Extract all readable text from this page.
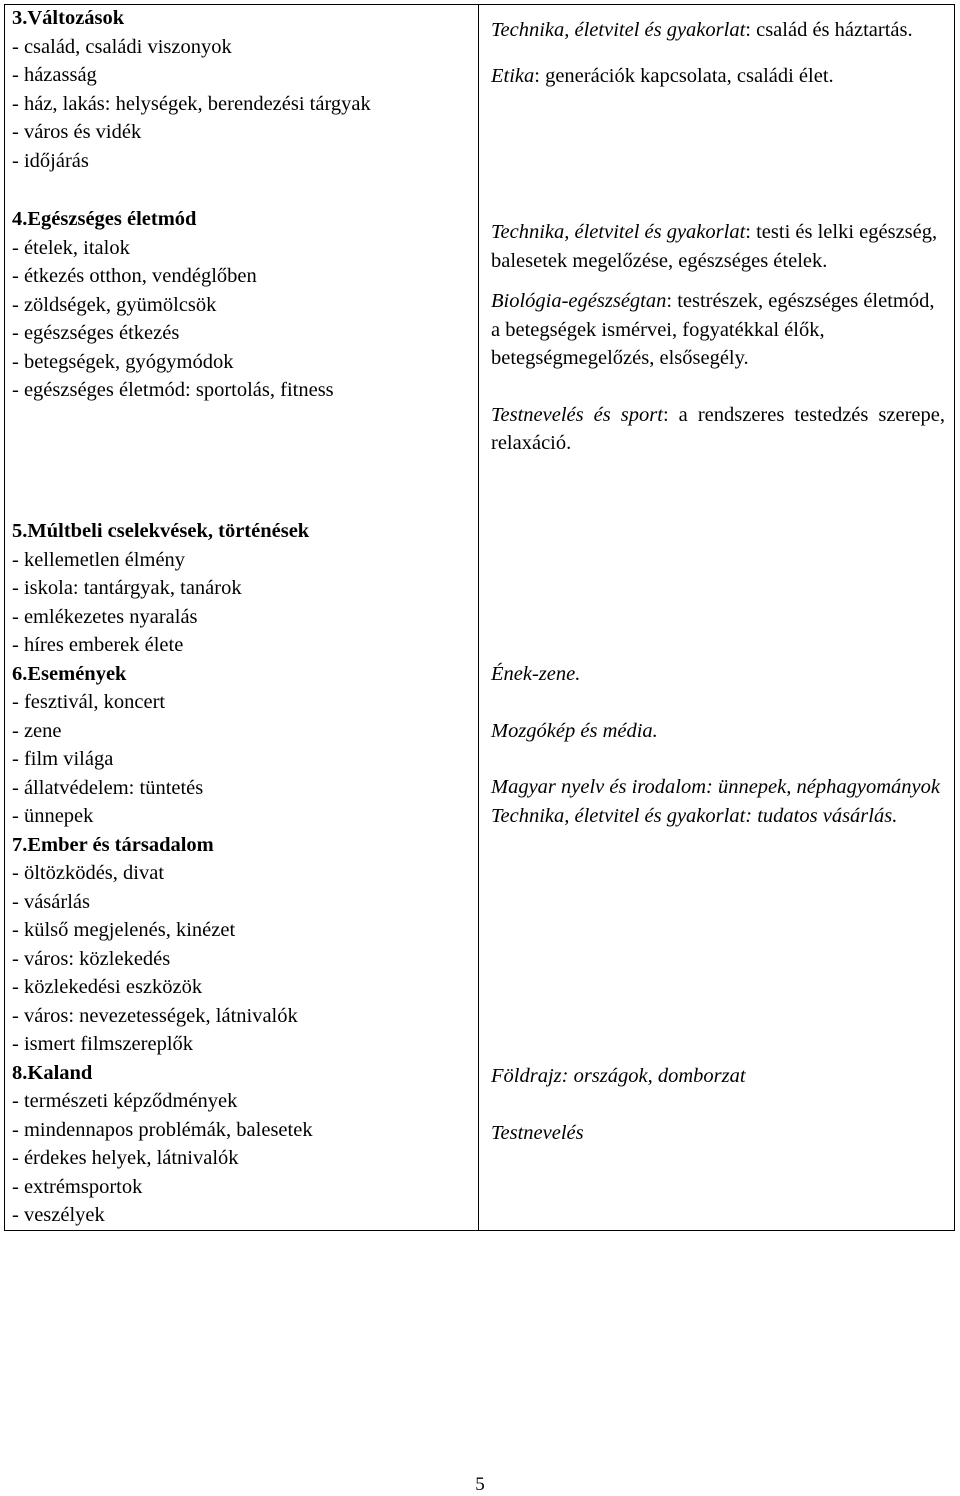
3.Változások
- család, családi viszonyok
- házasság
- ház, lakás: helységek, berendezési tárgyak
- város és vidék
- időjárás
4.Egészséges életmód
- ételek, italok
- étkezés otthon, vendéglőben
- zöldségek, gyümölcsök
- egészséges étkezés
- betegségek, gyógymódok
- egészséges életmód: sportolás, fitness
5.Múltbeli cselekvések, történések
- kellemetlen élmény
- iskola: tantárgyak, tanárok
- emlékezetes nyaralás
- híres emberek élete
6.Események
- fesztivál, koncert
- zene
- film világa
- állatvédelem: tüntetés
- ünnepek
7.Ember és társadalom
- öltözködés, divat
- vásárlás
- külső megjelenés, kinézet
- város: közlekedés
- közlekedési eszközök
- város: nevezetességek, látnivalók
- ismert filmszereplők
8.Kaland
- természeti képződmények
- mindennapos problémák, balesetek
- érdekes helyek, látnivalók
- extrémsportok
- veszélyek

Technika, életvitel és gyakorlat: család és háztartás.

Etika: generációk kapcsolata, családi élet.

Technika, életvitel és gyakorlat: testi és lelki egészség, balesetek megelőzése, egészséges ételek.

Biológia-egészségtan: testrészek, egészséges életmód, a betegségek ismérvei, fogyatékkal élők, betegségmegelőzés, elsősegély.

Testnevelés és sport: a rendszeres testedzés szerepe, relaxáció.

Ének-zene.

Mozgókép és média.

Magyar nyelv és irodalom: ünnepek, néphagyományok

Technika, életvitel és gyakorlat: tudatos vásárlás.

Földrajz: országok, domborzat

Testnevelés

5
